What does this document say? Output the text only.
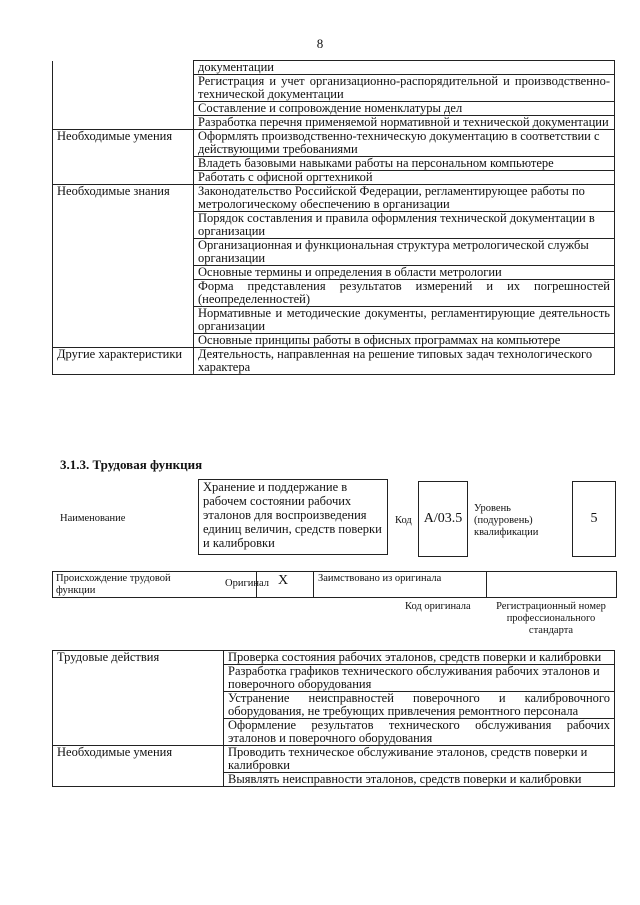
8
	документации
	Регистрация и учет организационно-распорядительной и производственно-технической документации
	Составление и сопровождение номенклатуры дел
	Разработка перечня применяемой нормативной и технической документации
Необходимые умения	Оформлять производственно-техническую документацию в соответствии с действующими требованиями
	Владеть базовыми навыками работы на персональном компьютере
	Работать с офисной оргтехникой
Необходимые знания	Законодательство Российской Федерации, регламентирующее работы по метрологическому обеспечению в организации
	Порядок составления и правила оформления технической документации в организации
	Организационная и функциональная структура метрологической службы организации
	Основные термины и определения в области метрологии
	Форма представления результатов измерений и их погрешностей (неопределенностей)
	Нормативные и методические документы, регламентирующие деятельность организации
	Основные принципы работы в офисных программах на компьютере
Другие характеристики	Деятельность, направленная на решение типовых задач технологического характера
3.1.3. Трудовая функция
Наименование
Хранение и поддержание в рабочем состоянии рабочих эталонов для воспроизведения единиц величин, средств поверки и калибровки
Код A/03.5
Уровень (подуровень) квалификации
5
Происхождение трудовой функции
Оригинал X	Заимствовано из оригинала
Код оригинала	Регистрационный номер профессионального стандарта
Трудовые действия	Проверка состояния рабочих эталонов, средств поверки и калибровки
	Разработка графиков технического обслуживания рабочих эталонов и поверочного оборудования
	Устранение неисправностей поверочного и калибровочного оборудования, не требующих привлечения ремонтного персонала
	Оформление результатов технического обслуживания рабочих эталонов и поверочного оборудования
Необходимые умения	Проводить техническое обслуживание эталонов, средств поверки и калибровки
	Выявлять неисправности эталонов, средств поверки и калибровки
